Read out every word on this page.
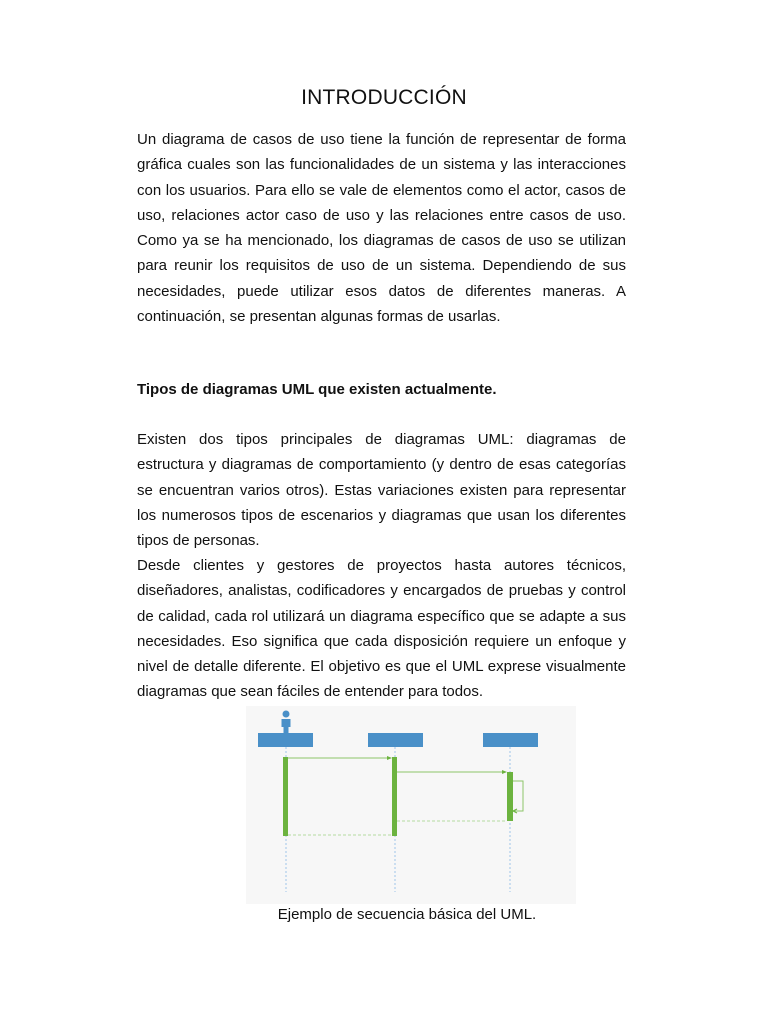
INTRODUCCIÓN

Un diagrama de casos de uso tiene la función de representar de forma gráfica cuales son las funcionalidades de un sistema y las interacciones con los usuarios. Para ello se vale de elementos como el actor, casos de uso, relaciones actor caso de uso y las relaciones entre casos de uso. Como ya se ha mencionado, los diagramas de casos de uso se utilizan para reunir los requisitos de uso de un sistema. Dependiendo de sus necesidades, puede utilizar esos datos de diferentes maneras. A continuación, se presentan algunas formas de usarlas.

Tipos de diagramas UML que existen actualmente.

Existen dos tipos principales de diagramas UML: diagramas de estructura y diagramas de comportamiento (y dentro de esas categorías se encuentran varios otros). Estas variaciones existen para representar los numerosos tipos de escenarios y diagramas que usan los diferentes tipos de personas.

Desde clientes y gestores de proyectos hasta autores técnicos, diseñadores, analistas, codificadores y encargados de pruebas y control de calidad, cada rol utilizará un diagrama específico que se adapte a sus necesidades. Eso significa que cada disposición requiere un enfoque y nivel de detalle diferente. El objetivo es que el UML exprese visualmente diagramas que sean fáciles de entender para todos.

Ejemplo de secuencia básica del UML.
